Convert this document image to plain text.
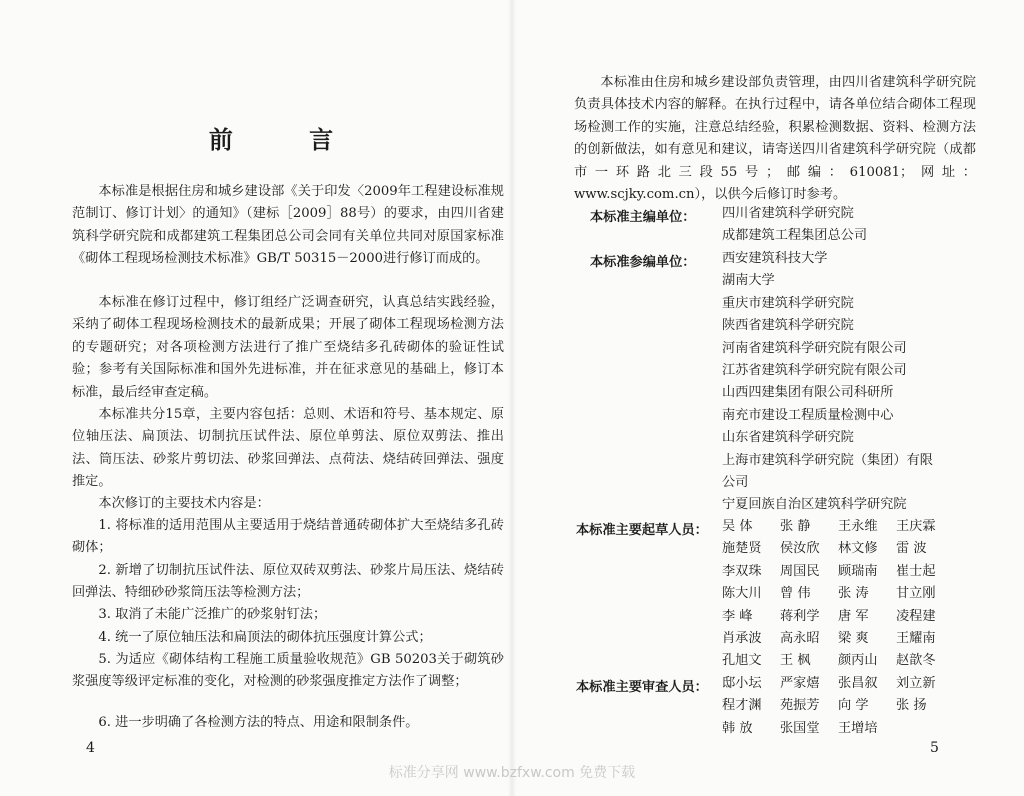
前 言

本标准是根据住房和城乡建设部《关于印发〈2009年工程建设标准规范制订、修订计划〉的通知》（建标［2009］88号）的要求，由四川省建筑科学研究院和成都建筑工程集团总公司会同有关单位共同对原国家标准《砌体工程现场检测技术标准》GB/T 50315－2000进行修订而成的。

本标准在修订过程中，修订组经广泛调查研究，认真总结实践经验，采纳了砌体工程现场检测技术的最新成果；开展了砌体工程现场检测方法的专题研究；对各项检测方法进行了推广至烧结多孔砖砌体的验证性试验；参考有关国际标准和国外先进标准，并在征求意见的基础上，修订本标准，最后经审查定稿。

本标准共分15章，主要内容包括：总则、术语和符号、基本规定、原位轴压法、扁顶法、切制抗压试件法、原位单剪法、原位双剪法、推出法、筒压法、砂浆片剪切法、砂浆回弹法、点荷法、烧结砖回弹法、强度推定。

本次修订的主要技术内容是：

1. 将标准的适用范围从主要适用于烧结普通砖砌体扩大至烧结多孔砖砌体；

2. 新增了切制抗压试件法、原位双砖双剪法、砂浆片局压法、烧结砖回弹法、特细砂砂浆筒压法等检测方法；

3. 取消了未能广泛推广的砂浆射钉法；

4. 统一了原位轴压法和扁顶法的砌体抗压强度计算公式；

5. 为适应《砌体结构工程施工质量验收规范》GB 50203关于砌筑砂浆强度等级评定标准的变化，对检测的砂浆强度推定方法作了调整；

6. 进一步明确了各检测方法的特点、用途和限制条件。

4

本标准由住房和城乡建设部负责管理，由四川省建筑科学研究院负责具体技术内容的解释。在执行过程中，请各单位结合砌体工程现场检测工作的实施，注意总结经验，积累检测数据、资料、检测方法的创新做法，如有意见和建议，请寄送四川省建筑科学研究院（成都市一环路北三段55号；邮编：610081；网址：www.scjky.com.cn），以供今后修订时参考。

本标准主编单位： 四川省建筑科学研究院
成都建筑工程集团总公司
本标准参编单位： 西安建筑科技大学
湖南大学
重庆市建筑科学研究院
陕西省建筑科学研究院
河南省建筑科学研究院有限公司
江苏省建筑科学研究院有限公司
山西四建集团有限公司科研所
南充市建设工程质量检测中心
山东省建筑科学研究院
上海市建筑科学研究院（集团）有限
公司
宁夏回族自治区建筑科学研究院
本标准主要起草人员： 吴 体	张 静	王永维	王庆霖
施楚贤	侯汝欣	林文修	雷 波
李双珠	周国民	顾瑞南	崔士起
陈大川	曾 伟	张 涛	甘立刚
李 峰	蒋利学	唐 军	凌程建
肖承波	高永昭	梁 爽	王耀南
孔旭文	王 枫	颜丙山	赵歆冬
本标准主要审查人员： 邸小坛	严家熺	张昌叙	刘立新
程才渊	苑振芳	向 学	张 扬
韩 放	张国堂	王增培

5

标准分享网 www.bzfxw.com 免费下载
